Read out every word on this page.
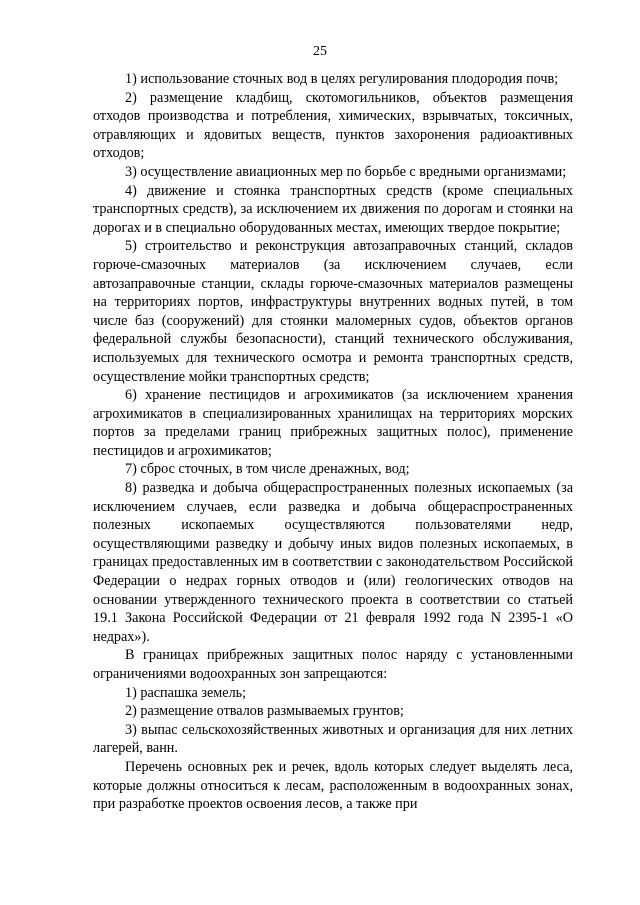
25

1) использование сточных вод в целях регулирования плодородия почв;

2) размещение кладбищ, скотомогильников, объектов размещения отходов производства и потребления, химических, взрывчатых, токсичных, отравляющих и ядовитых веществ, пунктов захоронения радиоактивных отходов;

3) осуществление авиационных мер по борьбе с вредными организмами;

4) движение и стоянка транспортных средств (кроме специальных транспортных средств), за исключением их движения по дорогам и стоянки на дорогах и в специально оборудованных местах, имеющих твердое покрытие;

5) строительство и реконструкция автозаправочных станций, складов горюче-смазочных материалов (за исключением случаев, если автозаправочные станции, склады горюче-смазочных материалов размещены на территориях портов, инфраструктуры внутренних водных путей, в том числе баз (сооружений) для стоянки маломерных судов, объектов органов федеральной службы безопасности), станций технического обслуживания, используемых для технического осмотра и ремонта транспортных средств, осуществление мойки транспортных средств;

6) хранение пестицидов и агрохимикатов (за исключением хранения агрохимикатов в специализированных хранилищах на территориях морских портов за пределами границ прибрежных защитных полос), применение пестицидов и агрохимикатов;

7) сброс сточных, в том числе дренажных, вод;

8) разведка и добыча общераспространенных полезных ископаемых (за исключением случаев, если разведка и добыча общераспространенных полезных ископаемых осуществляются пользователями недр, осуществляющими разведку и добычу иных видов полезных ископаемых, в границах предоставленных им в соответствии с законодательством Российской Федерации о недрах горных отводов и (или) геологических отводов на основании утвержденного технического проекта в соответствии со статьей 19.1 Закона Российской Федерации от 21 февраля 1992 года N 2395-1 «О недрах»).

В границах прибрежных защитных полос наряду с установленными ограничениями водоохранных зон запрещаются:

1) распашка земель;

2) размещение отвалов размываемых грунтов;

3) выпас сельскохозяйственных животных и организация для них летних лагерей, ванн.

Перечень основных рек и речек, вдоль которых следует выделять леса, которые должны относиться к лесам, расположенным в водоохранных зонах, при разработке проектов освоения лесов, а также при
